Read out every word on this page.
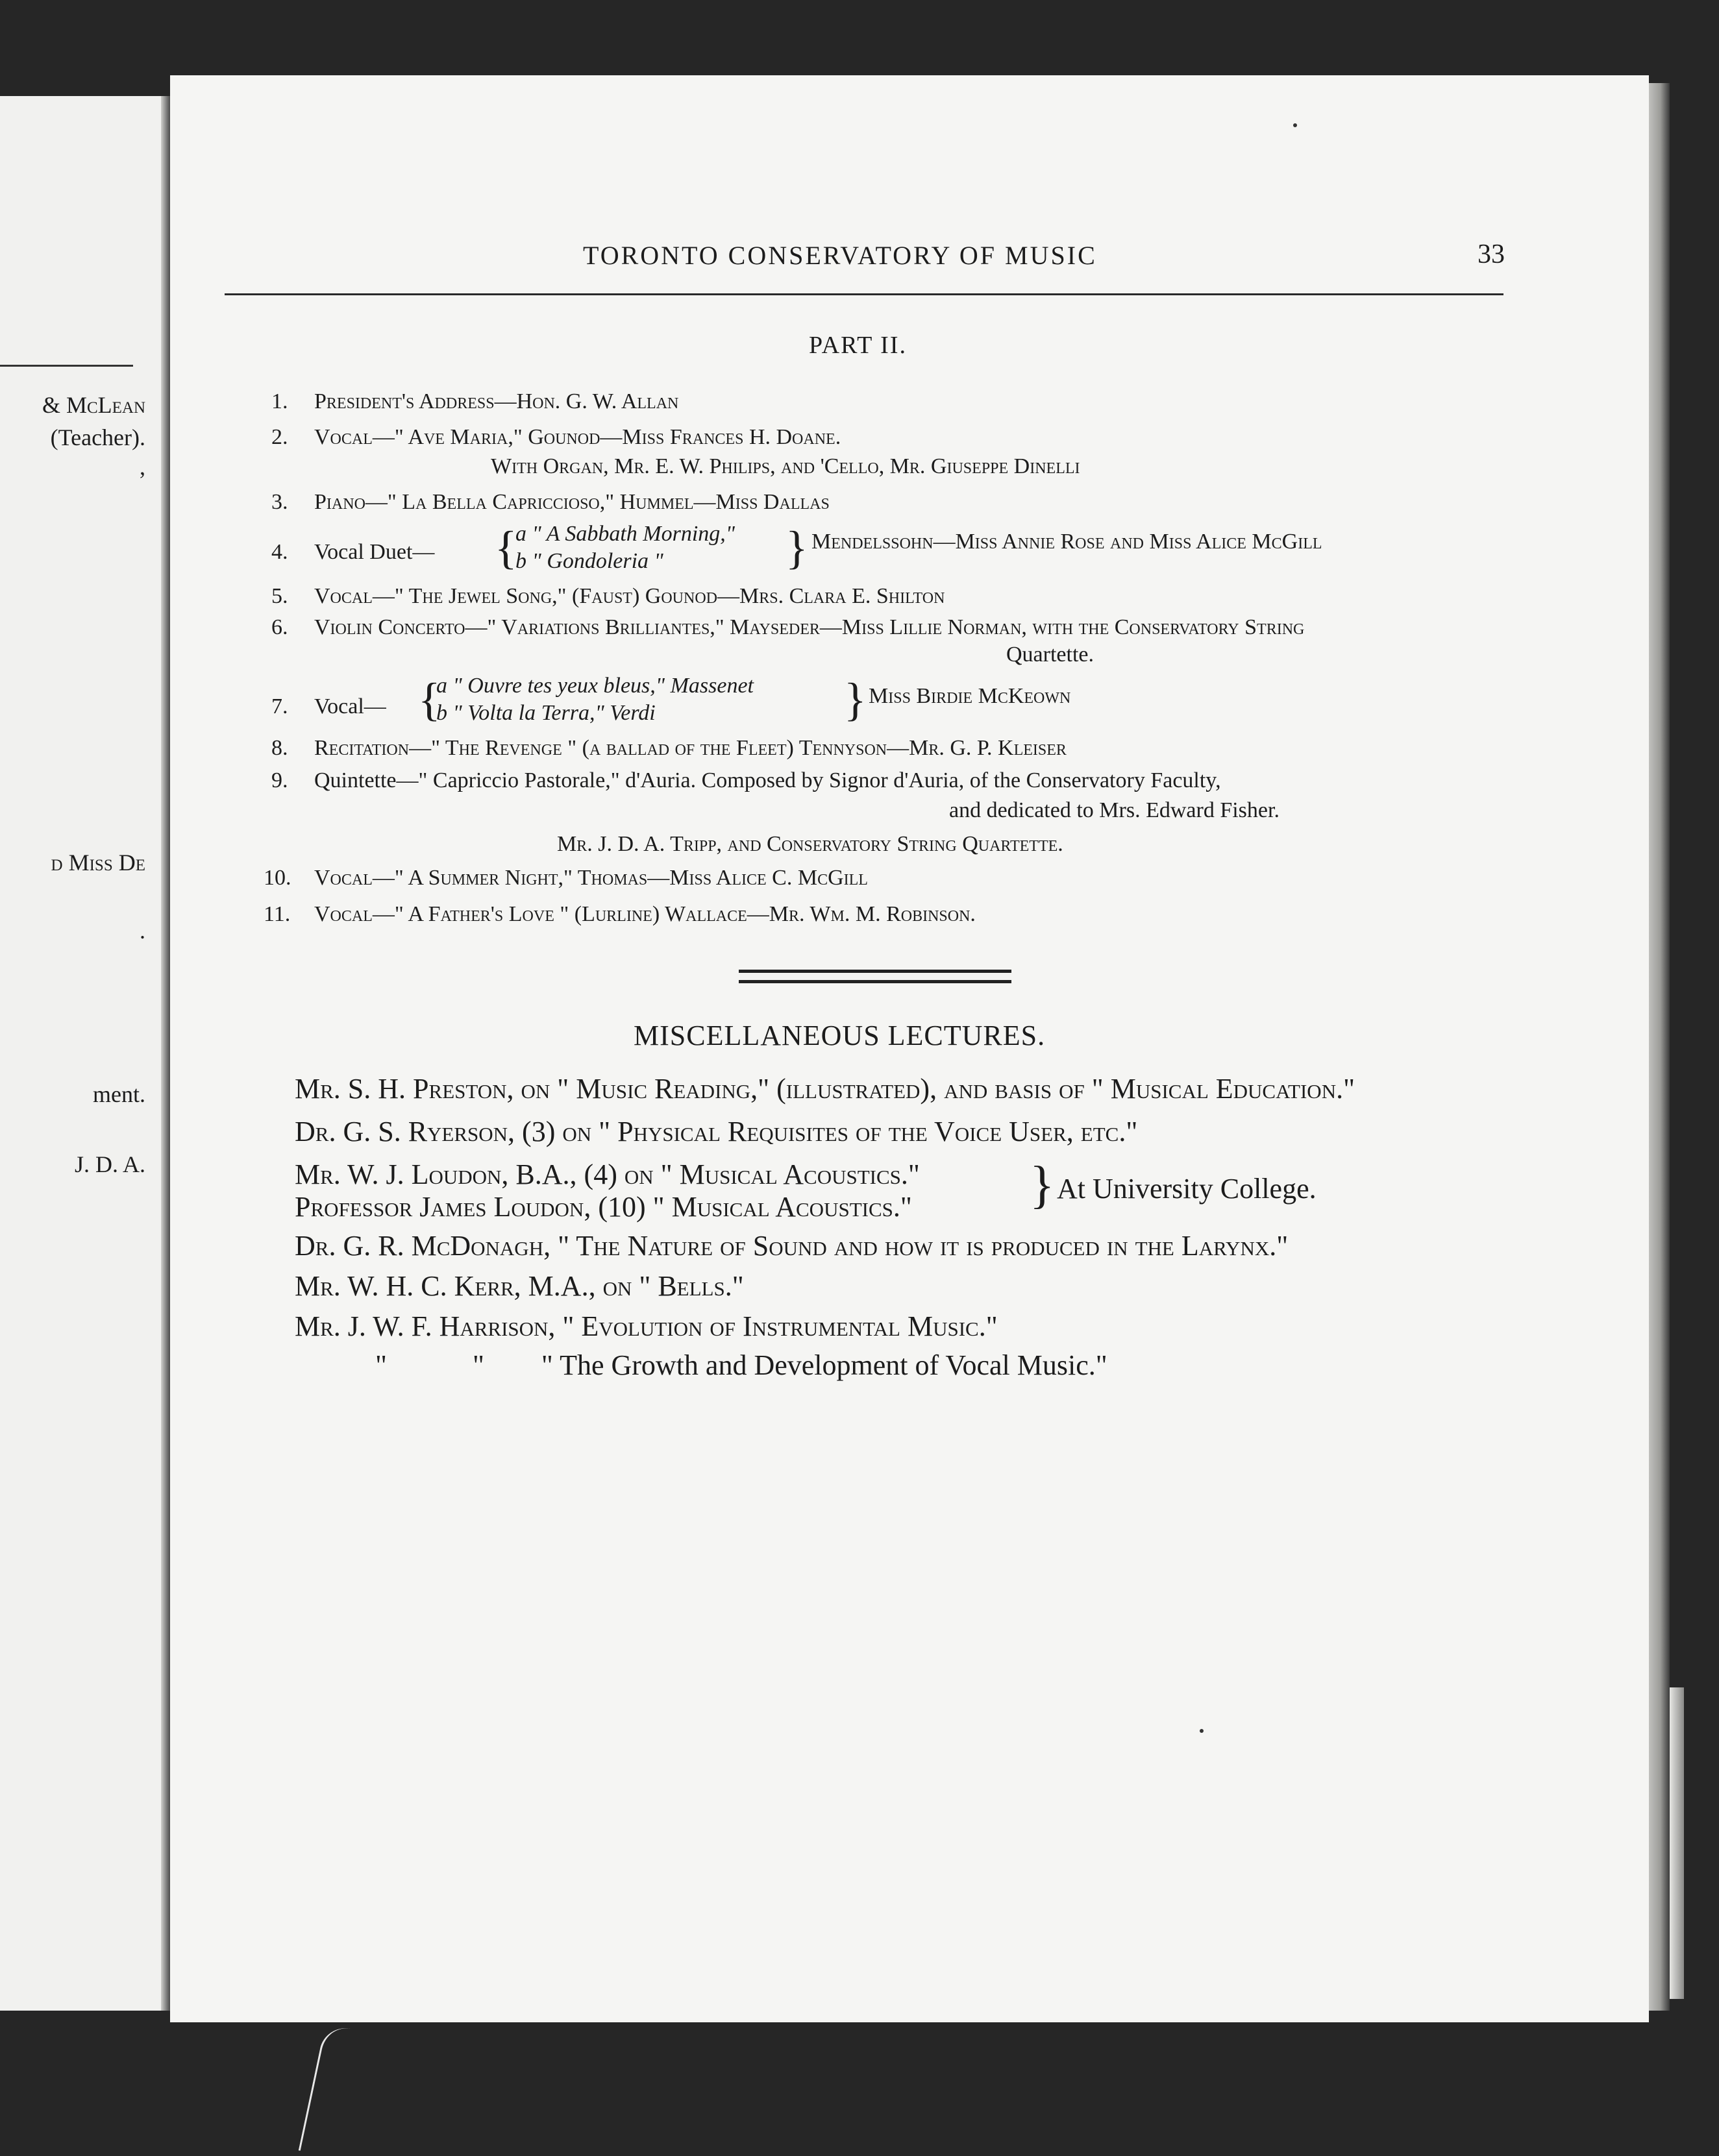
& McLean
(Teacher).
,
d Miss De
.
ment.
J. D. A.
TORONTO CONSERVATORY OF MUSIC	33
PART II.
1. President's Address—Hon. G. W. Allan
2. Vocal—" Ave Maria," Gounod—Miss Frances H. Doane.
With Organ, Mr. E. W. Philips, and 'Cello, Mr. Giuseppe Dinelli
3. Piano—" La Bella Capriccioso," Hummel—Miss Dallas
4. Vocal Duet— {
a " A Sabbath Morning,"
b " Gondoleria "	} Mendelssohn—Miss Annie Rose and Miss Alice McGill
5. Vocal—" The Jewel Song," (Faust) Gounod—Mrs. Clara E. Shilton
6. Violin Concerto—" Variations Brilliantes," Mayseder—Miss Lillie Norman, with the Conservatory String
Quartette.
7. Vocal— {
a " Ouvre tes yeux bleus," Massenet
b " Volta la Terra," Verdi	} Miss Birdie McKeown
8. Recitation—" The Revenge " (a ballad of the Fleet) Tennyson—Mr. G. P. Kleiser
9. Quintette—" Capriccio Pastorale," d'Auria. Composed by Signor d'Auria, of the Conservatory Faculty,
and dedicated to Mrs. Edward Fisher.
Mr. J. D. A. Tripp, and Conservatory String Quartette.
10. Vocal—" A Summer Night," Thomas—Miss Alice C. McGill
11. Vocal—" A Father's Love " (Lurline) Wallace—Mr. Wm. M. Robinson.
MISCELLANEOUS LECTURES.
Mr. S. H. Preston, on " Music Reading," (illustrated), and basis of " Musical Education."
Dr. G. S. Ryerson, (3) on " Physical Requisites of the Voice User, etc."
Mr. W. J. Loudon, B.A., (4) on " Musical Acoustics."
Professor James Loudon, (10) " Musical Acoustics." } At University College.
Dr. G. R. McDonagh, " The Nature of Sound and how it is produced in the Larynx."
Mr. W. H. C. Kerr, M.A., on " Bells."
Mr. J. W. F. Harrison, " Evolution of Instrumental Music."
"            "        " The Growth and Development of Vocal Music."
